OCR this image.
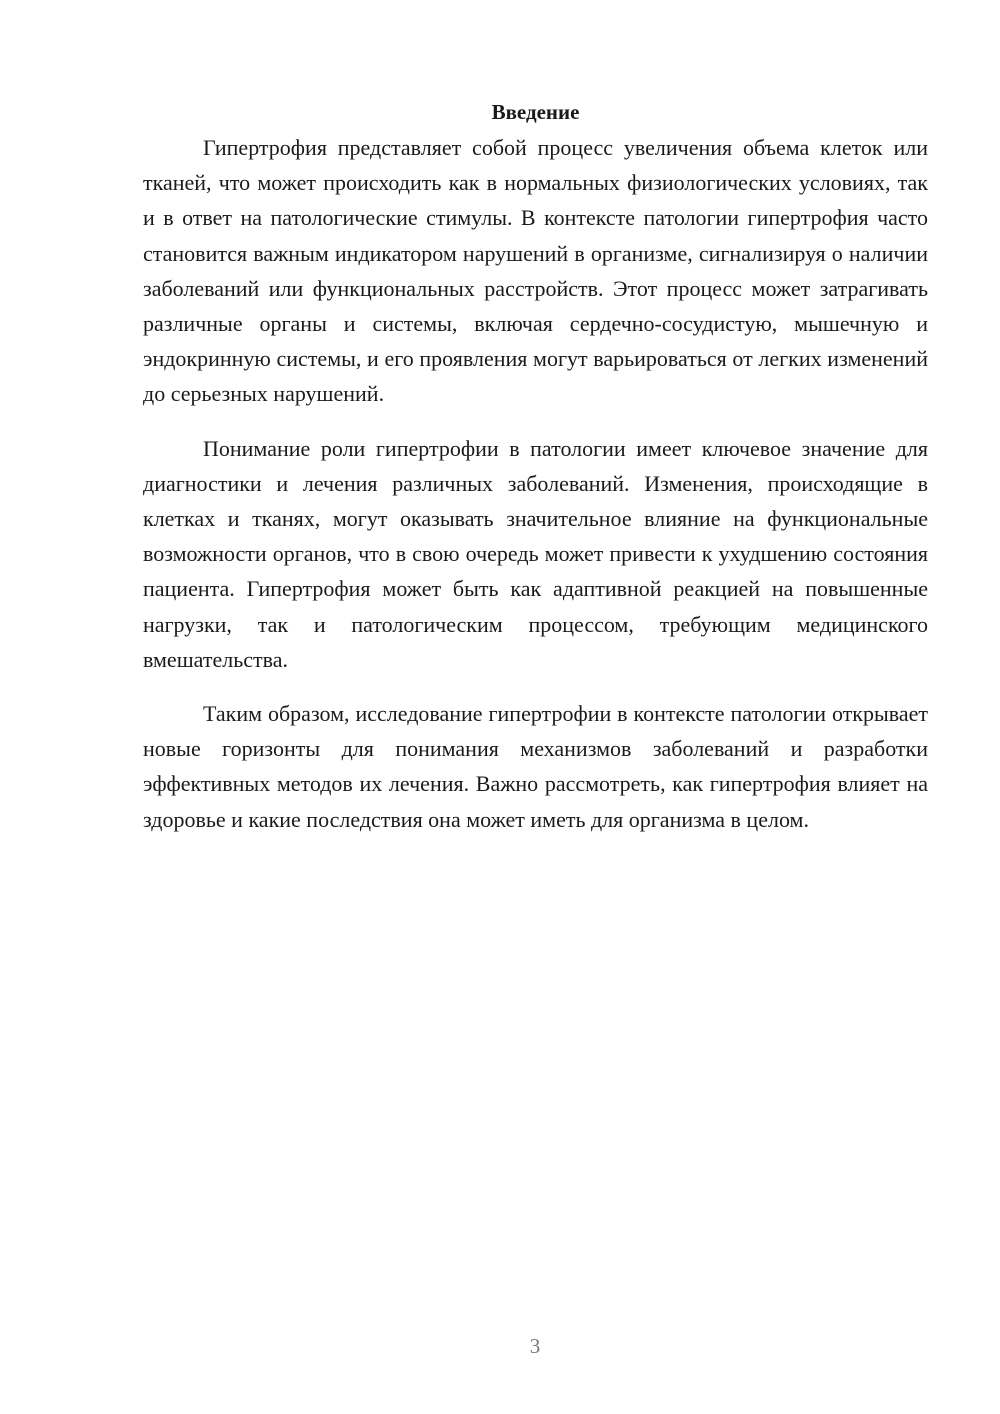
Введение

Гипертрофия представляет собой процесс увеличения объема клеток или тканей, что может происходить как в нормальных физиологических условиях, так и в ответ на патологические стимулы. В контексте патологии гипертрофия часто становится важным индикатором нарушений в организме, сигнализируя о наличии заболеваний или функциональных расстройств. Этот процесс может затрагивать различные органы и системы, включая сердечно-сосудистую, мышечную и эндокринную системы, и его проявления могут варьироваться от легких изменений до серьезных нарушений.

Понимание роли гипертрофии в патологии имеет ключевое значение для диагностики и лечения различных заболеваний. Изменения, происходящие в клетках и тканях, могут оказывать значительное влияние на функциональные возможности органов, что в свою очередь может привести к ухудшению состояния пациента. Гипертрофия может быть как адаптивной реакцией на повышенные нагрузки, так и патологическим процессом, требующим медицинского вмешательства.

Таким образом, исследование гипертрофии в контексте патологии открывает новые горизонты для понимания механизмов заболеваний и разработки эффективных методов их лечения. Важно рассмотреть, как гипертрофия влияет на здоровье и какие последствия она может иметь для организма в целом.

3
